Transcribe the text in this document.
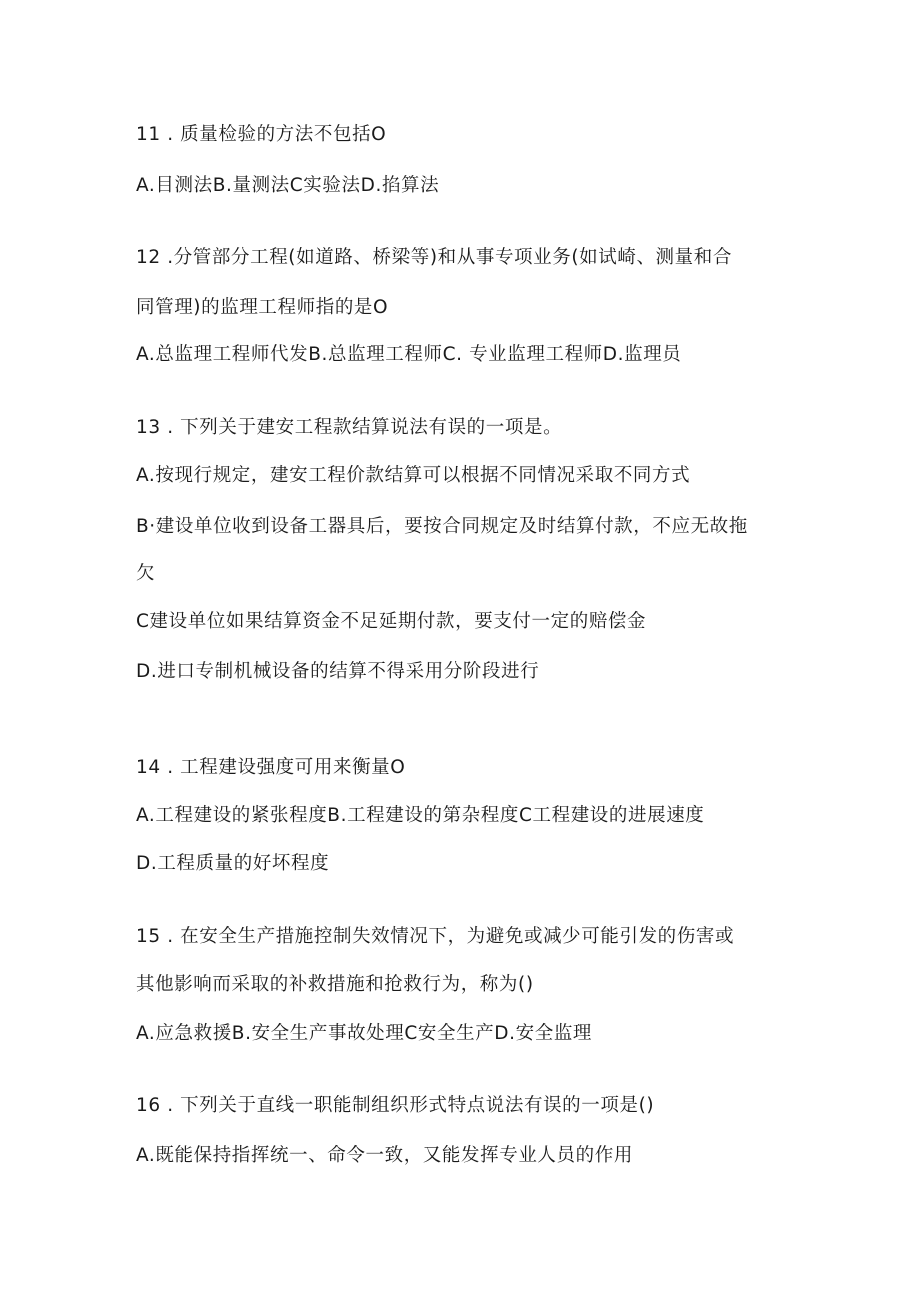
11 . 质量检验的方法不包括O
A.目测法B.量测法C实验法D.掐算法
12 .分管部分工程(如道路、桥梁等)和从事专项业务(如试崎、测量和合
同管理)的监理工程师指的是O
A.总监理工程师代发B.总监理工程师C. 专业监理工程师D.监理员
13 . 下列关于建安工程款结算说法有误的一项是。
A.按现行规定，建安工程价款结算可以根据不同情况采取不同方式
B·建设单位收到设备工器具后，要按合同规定及时结算付款，不应无故拖
欠
C建设单位如果结算资金不足延期付款，要支付一定的赔偿金
D.进口专制机械设备的结算不得采用分阶段进行
14 . 工程建设强度可用来衡量O
A.工程建设的紧张程度B.工程建设的第杂程度C工程建设的进展速度
D.工程质量的好坏程度
15 . 在安全生产措施控制失效情况下，为避免或减少可能引发的伤害或
其他影响而采取的补救措施和抢救行为，称为()
A.应急救援B.安全生产事故处理C安全生产D.安全监理
16 . 下列关于直线一职能制组织形式特点说法有误的一项是()
A.既能保持指挥统一、命令一致，又能发挥专业人员的作用
